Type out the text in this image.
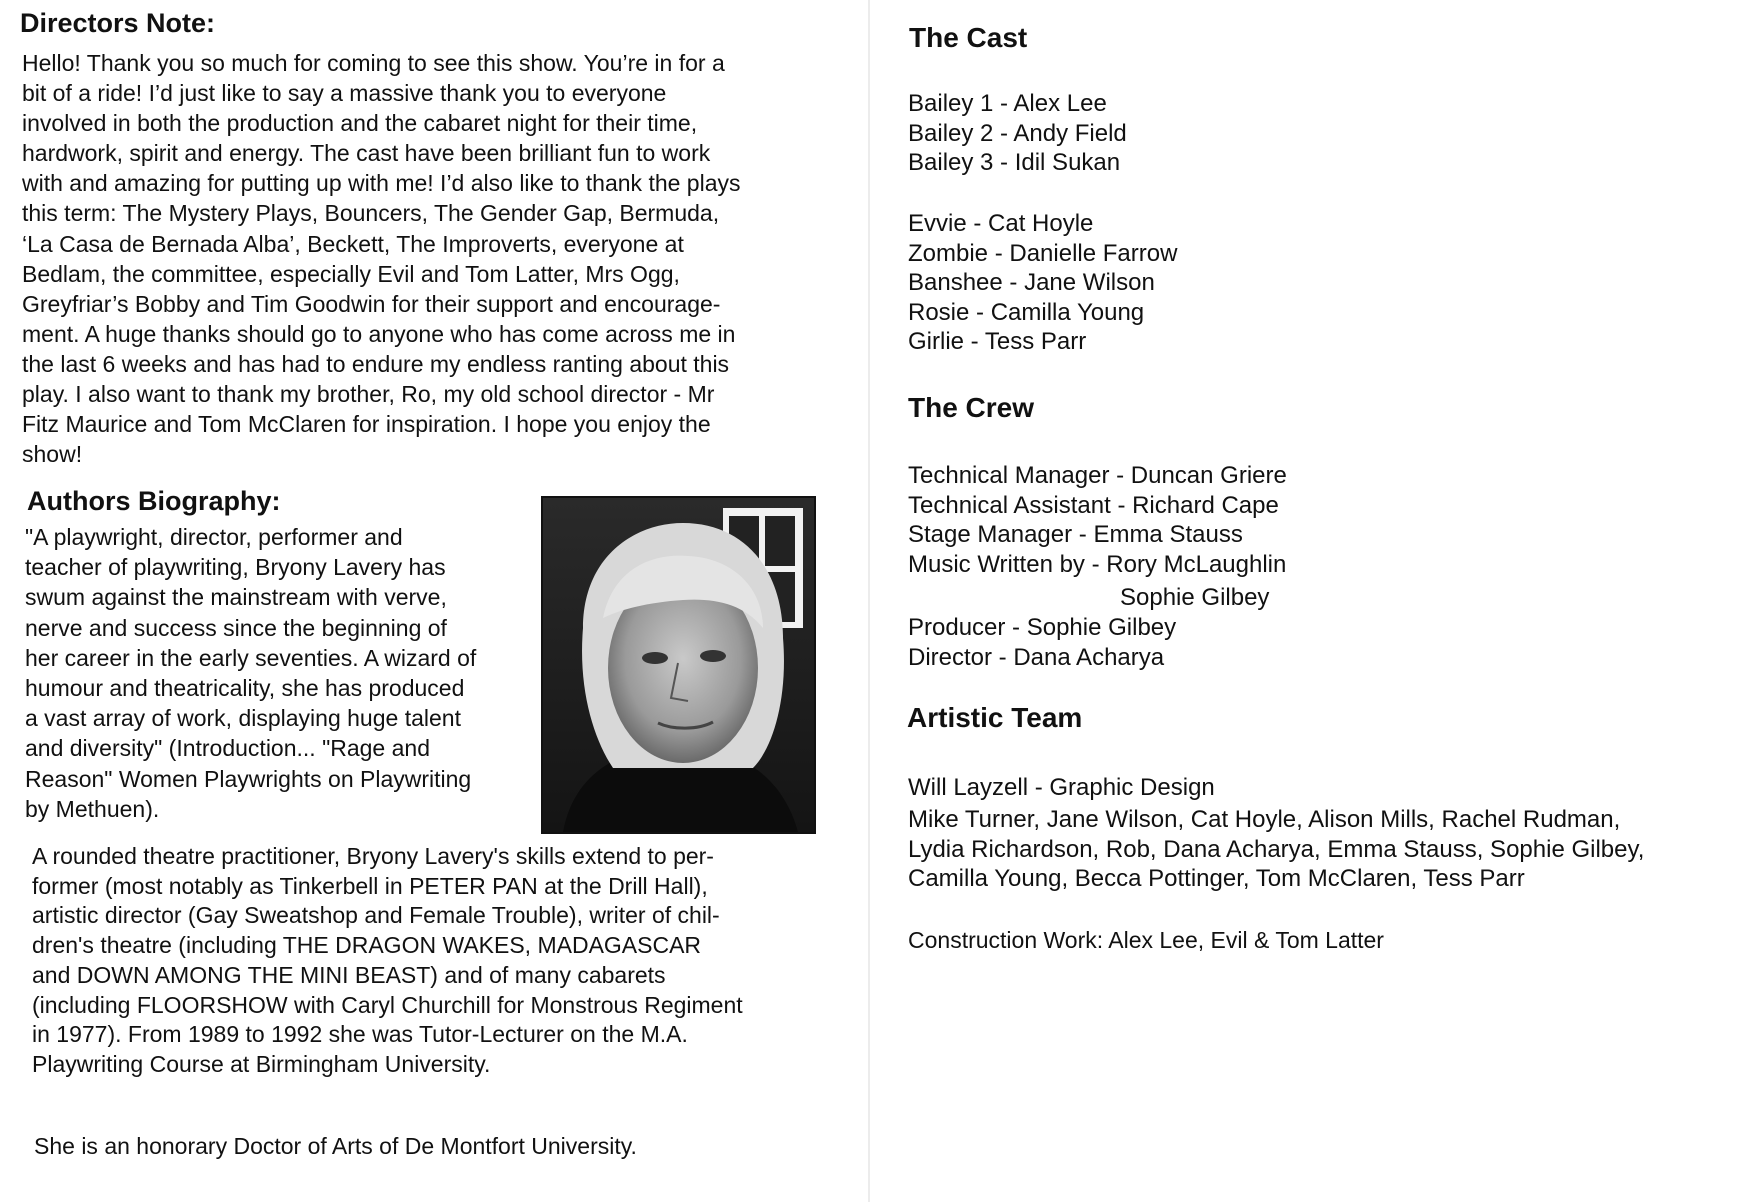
Directors Note:
Hello! Thank you so much for coming to see this show. You’re in for a
bit of a ride! I’d just like to say a massive thank you to everyone
involved in both the production and the cabaret night for their time,
hardwork, spirit and energy. The cast have been brilliant fun to work
with and amazing for putting up with me! I’d also like to thank the plays
this term: The Mystery Plays, Bouncers, The Gender Gap, Bermuda,
‘La Casa de Bernada Alba’, Beckett, The Improverts, everyone at
Bedlam, the committee, especially Evil and Tom Latter, Mrs Ogg,
Greyfriar’s Bobby and Tim Goodwin for their support and encourage-
ment. A huge thanks should go to anyone who has come across me in
the last 6 weeks and has had to endure my endless ranting about this
play. I also want to thank my brother, Ro, my old school director - Mr
Fitz Maurice and Tom McClaren for inspiration. I hope you enjoy the
show!
Authors Biography:
"A playwright, director, performer and
teacher of playwriting, Bryony Lavery has
swum against the mainstream with verve,
nerve and success since the beginning of
her career in the early seventies. A wizard of
humour and theatricality, she has produced
a vast array of work, displaying huge talent
and diversity" (Introduction... "Rage and
Reason" Women Playwrights on Playwriting
by Methuen).
A rounded theatre practitioner, Bryony Lavery's skills extend to per-
former (most notably as Tinkerbell in PETER PAN at the Drill Hall),
artistic director (Gay Sweatshop and Female Trouble), writer of chil-
dren's theatre (including THE DRAGON WAKES, MADAGASCAR
and DOWN AMONG THE MINI BEAST) and of many cabarets
(including FLOORSHOW with Caryl Churchill for Monstrous Regiment
in 1977). From 1989 to 1992 she was Tutor-Lecturer on the M.A.
Playwriting Course at Birmingham University.

She is an honorary Doctor of Arts of De Montfort University.

The Cast
Bailey 1 - Alex Lee
Bailey 2 - Andy Field
Bailey 3 - Idil Sukan
Evvie - Cat Hoyle
Zombie - Danielle Farrow
Banshee - Jane Wilson
Rosie - Camilla Young
Girlie - Tess Parr
The Crew
Technical Manager - Duncan Griere
Technical Assistant - Richard Cape
Stage Manager - Emma Stauss
Music Written by - Rory McLaughlin
Sophie Gilbey
Producer - Sophie Gilbey
Director - Dana Acharya
Artistic Team
Will Layzell - Graphic Design
Mike Turner, Jane Wilson, Cat Hoyle, Alison Mills, Rachel Rudman,
Lydia Richardson, Rob, Dana Acharya, Emma Stauss, Sophie Gilbey,
Camilla Young, Becca Pottinger, Tom McClaren, Tess Parr
Construction Work: Alex Lee, Evil & Tom Latter
